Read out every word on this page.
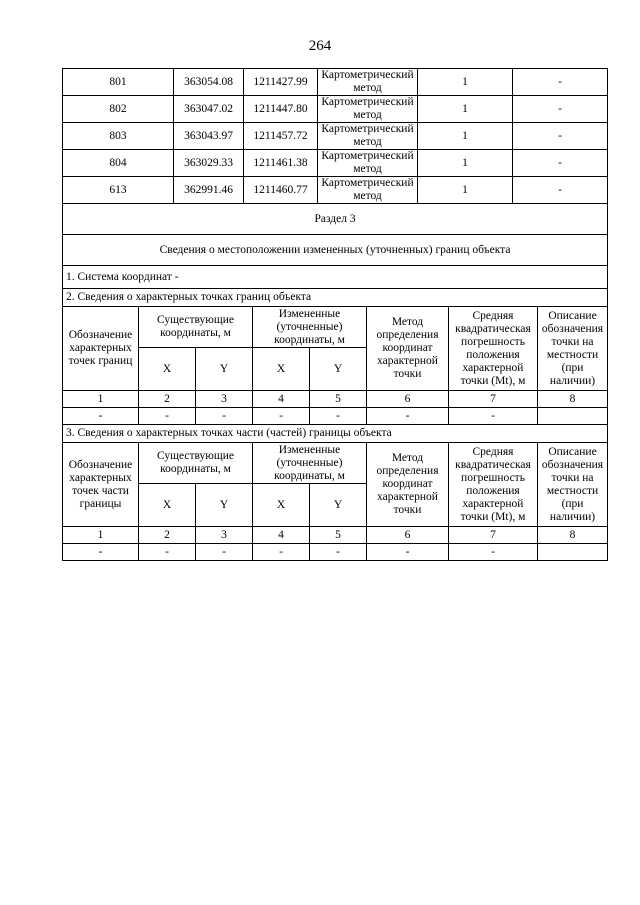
264
801	363054.08	1211427.99	Картометрический метод	1	-
802	363047.02	1211447.80	Картометрический метод	1	-
803	363043.97	1211457.72	Картометрический метод	1	-
804	363029.33	1211461.38	Картометрический метод	1	-
613	362991.46	1211460.77	Картометрический метод	1	-
Раздел 3							
Сведения о местоположении измененных (уточненных) границ объекта							
1. Система координат -							
2. Сведения о характерных точках границ объекта							
Обозначение характерных точек границ	Существующие координаты, м		Измененные (уточненные) координаты, м		Метод определения координат характерной точки	Средняя квадратическая погрешность положения характерной точки (Mt), м	Описание обозначения точки на местности (при наличии)
	X	Y	X	Y			
1	2	3	4	5	6	7	8
-	-	-	-	-	-	-	
3. Сведения о характерных точках части (частей) границы объекта							
Обозначение характерных точек части границы	Существующие координаты, м		Измененные (уточненные) координаты, м		Метод определения координат характерной точки	Средняя квадратическая погрешность положения характерной точки (Mt), м	Описание обозначения точки на местности (при наличии)
	X	Y	X	Y			
1	2	3	4	5	6	7	8
-	-	-	-	-	-	-	
